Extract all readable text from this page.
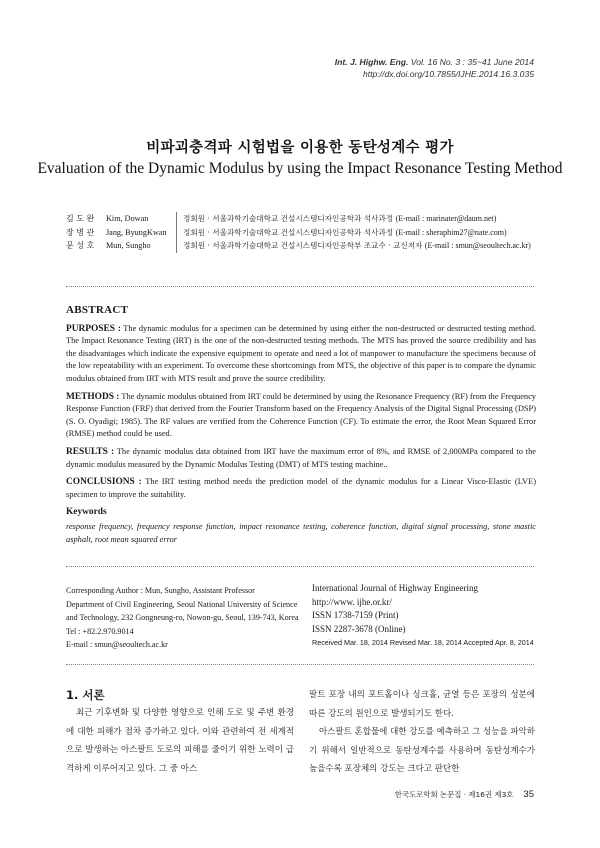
Int. J. Highw. Eng. Vol. 16 No. 3 : 35~41 June 2014
http://dx.doi.org/10.7855/IJHE.2014.16.3.035
비파괴충격파 시험법을 이용한 동탄성계수 평가
Evaluation of the Dynamic Modulus by using the Impact Resonance Testing Method
김 도 완	Kim, Dowan	정회원 · 서울과학기술대학교 건설시스템디자인공학과 석사과정 (E-mail : marinater@daum.net)
장 병 관	Jang, ByungKwan	정회원 · 서울과학기술대학교 건설시스템디자인공학과 석사과정 (E-mail : sheraphim27@nate.com)
문 성 호	Mun, Sungho	정회원 · 서울과학기술대학교 건설시스템디자인공학부 조교수 · 교신저자 (E-mail : smun@seoultech.ac.kr)
ABSTRACT

PURPOSES : The dynamic modulus for a specimen can be determined by using either the non-destructed or destructed testing method. The Impact Resonance Testing (IRT) is the one of the non-destructed testing methods. The MTS has proved the source credibility and has the disadvantages which indicate the expensive equipment to operate and need a lot of manpower to manufacture the specimens because of the low repeatability with an experiment. To overcome these shortcomings from MTS, the objective of this paper is to compare the dynamic modulus obtained from IRT with MTS result and prove the source credibility.

METHODS : The dynamic modulus obtained from IRT could be determined by using the Resonance Frequency (RF) from the Frequency Response Function (FRF) that derived from the Fourier Transform based on the Frequency Analysis of the Digital Signal Processing (DSP)(S. O. Oyadigi; 1985). The RF values are verified from the Coherence Function (CF). To estimate the error, the Root Mean Squared Error (RMSE) method could be used.

RESULTS : The dynamic modulus data obtained from IRT have the maximum error of 8%, and RMSE of 2,000MPa compared to the dynamic modulus measured by the Dynamic Modulus Testing (DMT) of MTS testing machine..

CONCLUSIONS : The IRT testing method needs the prediction model of the dynamic modulus for a Linear Visco-Elastic (LVE) specimen to improve the suitability.

Keywords

response frequency, frequency response function, impact resonance testing, coherence function, digital signal processing, stone mastic asphalt, root mean squared error

Corresponding Author : Mun, Sungho, Assistant Professor
Department of Civil Engineering, Seoul National University of Science
and Technology, 232 Gongneung-ro, Nowon-gu, Seoul, 139-743, Korea
Tel : +82.2.970.9014
E-mail : smun@seoultech.ac.kr
International Journal of Highway Engineering
http://www. ijhe.or.kr/
ISSN 1738-7159 (Print)
ISSN 2287-3678 (Online)
Received Mar. 18, 2014 Revised Mar. 18, 2014 Accepted Apr. 8, 2014
1. 서론

최근 기후변화 및 다양한 영향으로 인해 도로 및 주변 환경에 대한 피해가 점차 증가하고 있다. 이와 관련하여 전 세계적으로 발생하는 아스팔트 도로의 피해를 줄이기 위한 노력이 급격하게 이루어지고 있다. 그 중 아스

팔트 포장 내의 포트홀이나 싱크홀, 균열 등은 포장의 성분에 따른 강도의 원인으로 발생되기도 한다.

아스팔트 혼합물에 대한 강도를 예측하고 그 성능을 파악하기 위해서 일반적으로 동탄성계수를 사용하며 동탄성계수가 높을수록 포장체의 강도는 크다고 판단한

한국도로학회 논문집 · 제16권 제3호 35
